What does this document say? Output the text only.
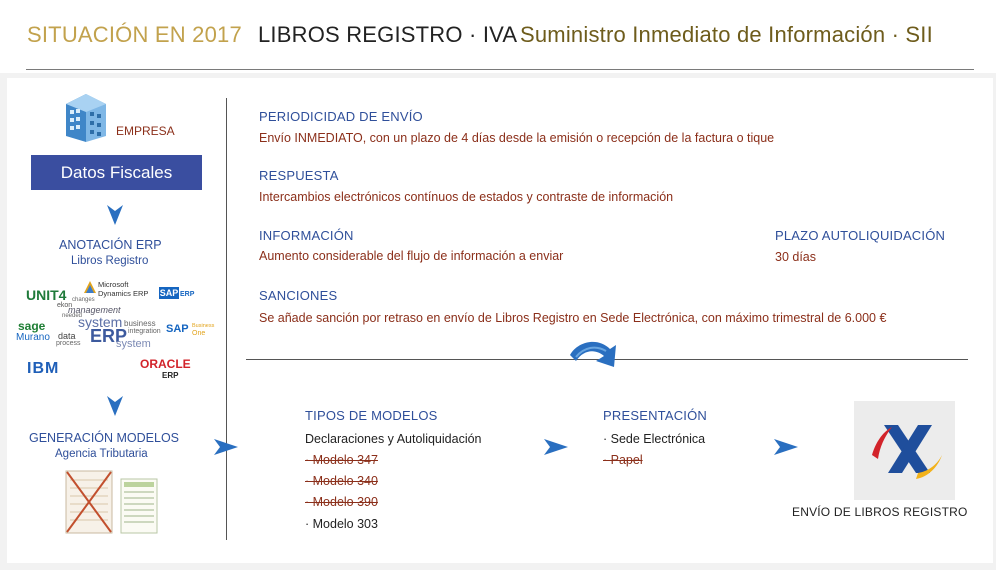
SITUACIÓN EN 2017 LIBROS REGISTRO · IVA Suministro Inmediato de Información · SII
EMPRESA
Datos Fiscales
ANOTACIÓN ERP
Libros Registro
UNIT4
ekon
Microsoft
Dynamics ERP SAP ERP
sage
Murano
management
system business
integration
data ERP
process	system
needed
changes
SAP Business
One
IBM	ORACLE
ERP
GENERACIÓN MODELOS
Agencia Tributaria
PERIODICIDAD DE ENVÍO
Envío INMEDIATO, con un plazo de 4 días desde la emisión o recepción de la factura o tique
RESPUESTA
Intercambios electrónicos contínuos de estados y contraste de información
INFORMACIÓN
Aumento considerable del flujo de información a enviar
PLAZO AUTOLIQUIDACIÓN
30 días
SANCIONES
Se añade sanción por retraso en envío de Libros Registro en Sede Electrónica, con máximo trimestral de 6.000 €
TIPOS DE MODELOS
Declaraciones y Autoliquidación
· Modelo 347
· Modelo 340
· Modelo 390
· Modelo 303
PRESENTACIÓN
· Sede Electrónica
· Papel
ENVÍO DE LIBROS REGISTRO
